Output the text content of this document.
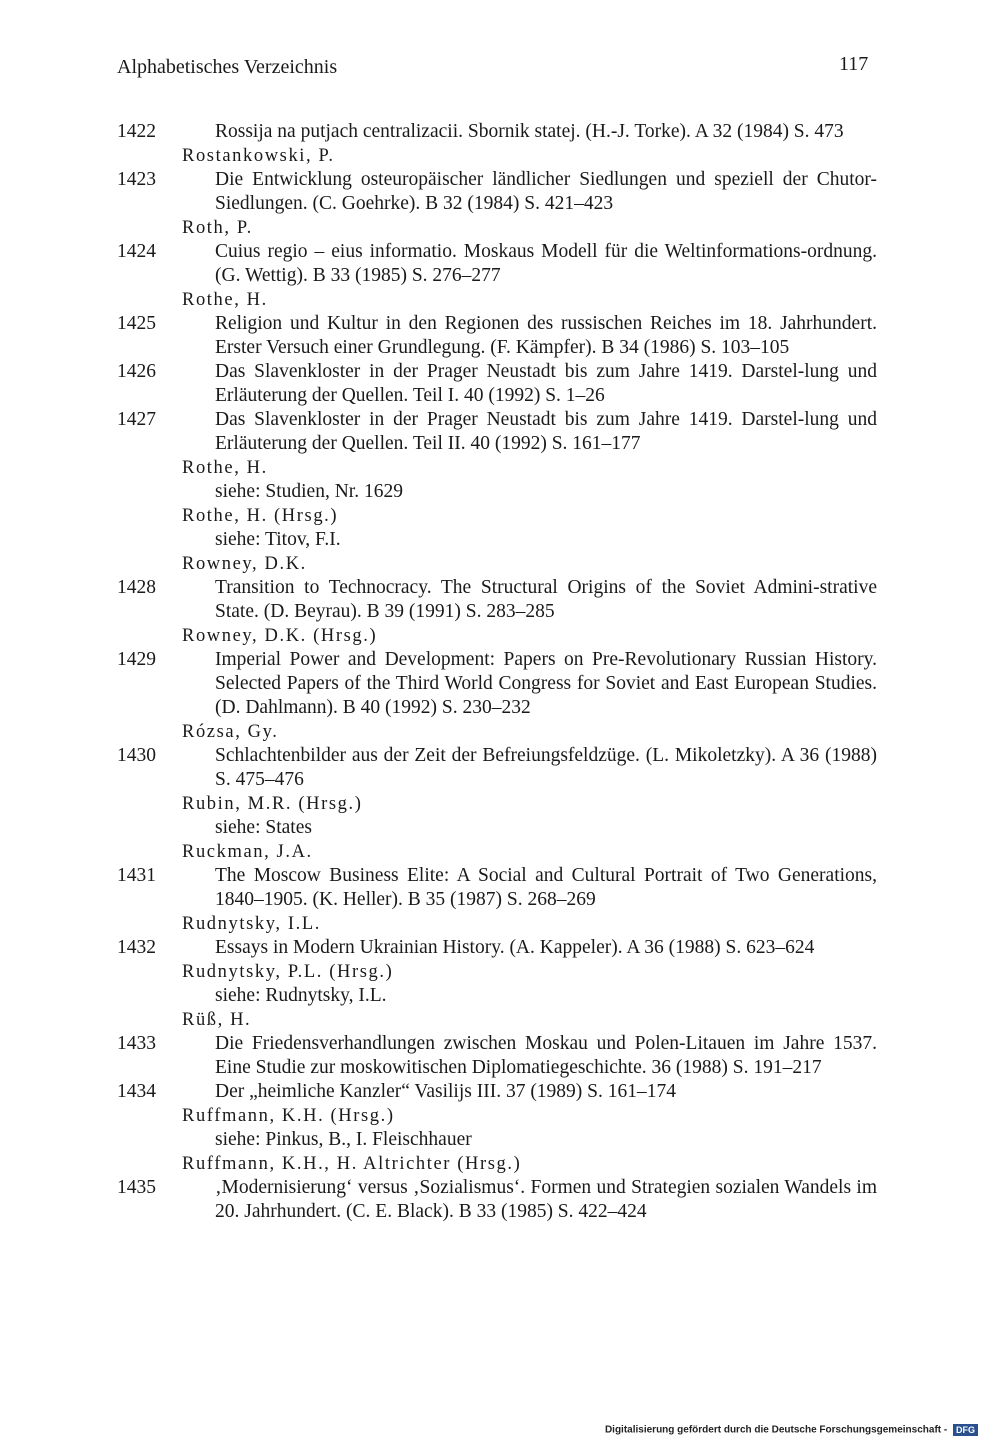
Alphabetisches Verzeichnis	117
1422	Rossija na putjach centralizacii. Sbornik statej. (H.-J. Torke). A 32 (1984) S. 473
Rostankowski, P.
1423	Die Entwicklung osteuropäischer ländlicher Siedlungen und speziell der Chutor-Siedlungen. (C. Goehrke). B 32 (1984) S. 421–423
Roth, P.
1424	Cuius regio – eius informatio. Moskaus Modell für die Weltinformations-ordnung. (G. Wettig). B 33 (1985) S. 276–277
Rothe, H.
1425	Religion und Kultur in den Regionen des russischen Reiches im 18. Jahrhundert. Erster Versuch einer Grundlegung. (F. Kämpfer). B 34 (1986) S. 103–105
1426	Das Slavenkloster in der Prager Neustadt bis zum Jahre 1419. Darstel-lung und Erläuterung der Quellen. Teil I. 40 (1992) S. 1–26
1427	Das Slavenkloster in der Prager Neustadt bis zum Jahre 1419. Darstel-lung und Erläuterung der Quellen. Teil II. 40 (1992) S. 161–177
Rothe, H.
siehe: Studien, Nr. 1629
Rothe, H. (Hrsg.)
siehe: Titov, F.I.
Rowney, D.K.
1428	Transition to Technocracy. The Structural Origins of the Soviet Admini-strative State. (D. Beyrau). B 39 (1991) S. 283–285
Rowney, D.K. (Hrsg.)
1429	Imperial Power and Development: Papers on Pre-Revolutionary Russian History. Selected Papers of the Third World Congress for Soviet and East European Studies. (D. Dahlmann). B 40 (1992) S. 230–232
Rózsa, Gy.
1430	Schlachtenbilder aus der Zeit der Befreiungsfeldzüge. (L. Mikoletzky). A 36 (1988) S. 475–476
Rubin, M.R. (Hrsg.)
siehe: States
Ruckman, J.A.
1431	The Moscow Business Elite: A Social and Cultural Portrait of Two Generations, 1840–1905. (K. Heller). B 35 (1987) S. 268–269
Rudnytsky, I.L.
1432	Essays in Modern Ukrainian History. (A. Kappeler). A 36 (1988) S. 623–624
Rudnytsky, P.L. (Hrsg.)
siehe: Rudnytsky, I.L.
Rüß, H.
1433	Die Friedensverhandlungen zwischen Moskau und Polen-Litauen im Jahre 1537. Eine Studie zur moskowitischen Diplomatiegeschichte. 36 (1988) S. 191–217
1434	Der „heimliche Kanzler“ Vasilijs III. 37 (1989) S. 161–174
Ruffmann, K.H. (Hrsg.)
siehe: Pinkus, B., I. Fleischhauer
Ruffmann, K.H., H. Altrichter (Hrsg.)
1435	‚Modernisierung‘ versus ‚Sozialismus‘. Formen und Strategien sozialen Wandels im 20. Jahrhundert. (C. E. Black). B 33 (1985) S. 422–424
Digitalisierung gefördert durch die Deutsche Forschungsgemeinschaft - DFG
